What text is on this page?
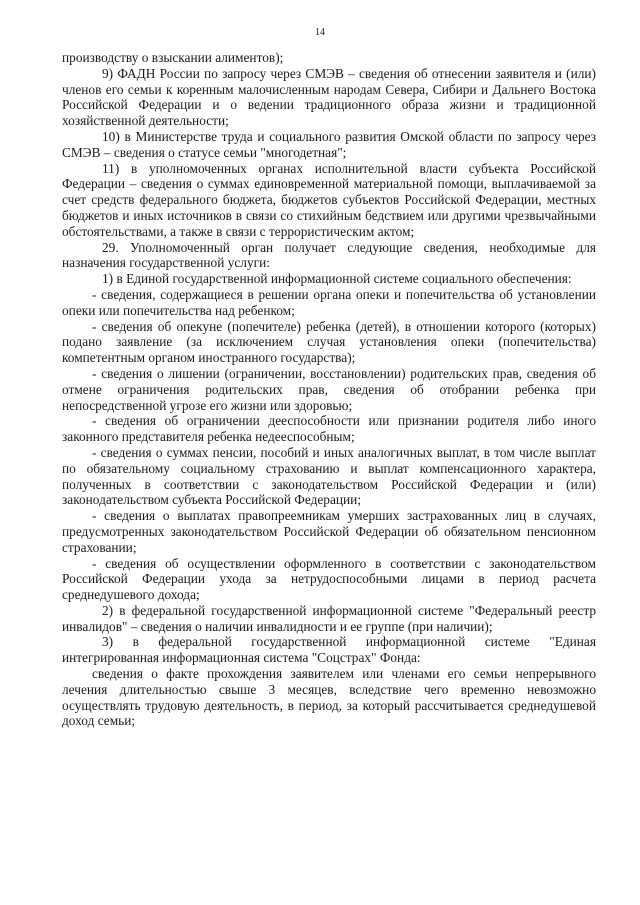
14

производству о взыскании алиментов);

9) ФАДН России по запросу через СМЭВ – сведения об отнесении заявителя и (или) членов его семьи к коренным малочисленным народам Севера, Сибири и Дальнего Востока Российской Федерации и о ведении традиционного образа жизни и традиционной хозяйственной деятельности;

10) в Министерстве труда и социального развития Омской области по запросу через СМЭВ – сведения о статусе семьи "многодетная";

11) в уполномоченных органах исполнительной власти субъекта Российской Федерации – сведения о суммах единовременной материальной помощи, выплачиваемой за счет средств федерального бюджета, бюджетов субъектов Российской Федерации, местных бюджетов и иных источников в связи со стихийным бедствием или другими чрезвычайными обстоятельствами, а также в связи с террористическим актом;

29. Уполномоченный орган получает следующие сведения, необходимые для назначения государственной услуги:

1) в Единой государственной информационной системе социального обеспечения:

- сведения, содержащиеся в решении органа опеки и попечительства об установлении опеки или попечительства над ребенком;

- сведения об опекуне (попечителе) ребенка (детей), в отношении которого (которых) подано заявление (за исключением случая установления опеки (попечительства) компетентным органом иностранного государства);

- сведения о лишении (ограничении, восстановлении) родительских прав, сведения об отмене ограничения родительских прав, сведения об отобрании ребенка при непосредственной угрозе его жизни или здоровью;

- сведения об ограничении дееспособности или признании родителя либо иного законного представителя ребенка недееспособным;

- сведения о суммах пенсии, пособий и иных аналогичных выплат, в том числе выплат по обязательному социальному страхованию и выплат компенсационного характера, полученных в соответствии с законодательством Российской Федерации и (или) законодательством субъекта Российской Федерации;

- сведения о выплатах правопреемникам умерших застрахованных лиц в случаях, предусмотренных законодательством Российской Федерации об обязательном пенсионном страховании;

- сведения об осуществлении оформленного в соответствии с законодательством Российской Федерации ухода за нетрудоспособными лицами в период расчета среднедушевого дохода;

2) в федеральной государственной информационной системе "Федеральный реестр инвалидов" – сведения о наличии инвалидности и ее группе (при наличии);

3) в федеральной государственной информационной системе "Единая интегрированная информационная система "Соцстрах" Фонда:

сведения о факте прохождения заявителем или членами его семьи непрерывного лечения длительностью свыше 3 месяцев, вследствие чего временно невозможно осуществлять трудовую деятельность, в период, за который рассчитывается среднедушевой доход семьи;
